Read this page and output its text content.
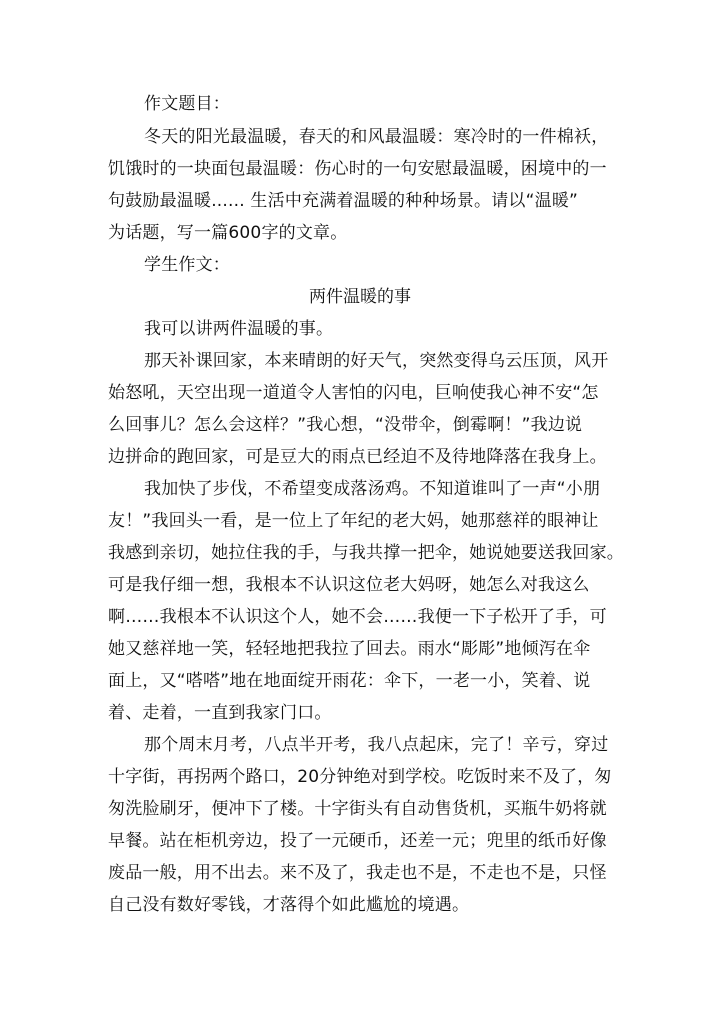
作文题目：
冬天的阳光最温暖，春天的和风最温暖：寒冷时的一件棉袄，
饥饿时的一块面包最温暖：伤心时的一句安慰最温暖，困境中的一
句鼓励最温暖...... 生活中充满着温暖的种种场景。请以“温暖”
为话题，写一篇600字的文章。
学生作文：
两件温暖的事
我可以讲两件温暖的事。
那天补课回家，本来晴朗的好天气，突然变得乌云压顶，风开
始怒吼，天空出现一道道令人害怕的闪电，巨响使我心神不安“怎
么回事儿？怎么会这样？”我心想，“没带伞，倒霉啊！”我边说
边拼命的跑回家，可是豆大的雨点已经迫不及待地降落在我身上。
我加快了步伐，不希望变成落汤鸡。不知道谁叫了一声“小朋
友！”我回头一看，是一位上了年纪的老大妈，她那慈祥的眼神让
我感到亲切，她拉住我的手，与我共撑一把伞，她说她要送我回家。
可是我仔细一想，我根本不认识这位老大妈呀，她怎么对我这么
啊……我根本不认识这个人，她不会……我便一下子松开了手，可
她又慈祥地一笑，轻轻地把我拉了回去。雨水“彫彫”地倾泻在伞
面上，又“嗒嗒”地在地面绽开雨花：伞下，一老一小，笑着、说
着、走着，一直到我家门口。
那个周末月考，八点半开考，我八点起床，完了！辛亏，穿过
十字街，再拐两个路口，20分钟绝对到学校。吃饭时来不及了，匆
匆洗脸刷牙，便冲下了楼。十字街头有自动售货机，买瓶牛奶将就
早餐。站在柜机旁边，投了一元硬币，还差一元；兜里的纸币好像
废品一般，用不出去。来不及了，我走也不是，不走也不是，只怪
自己没有数好零钱，才落得个如此尴尬的境遇。
